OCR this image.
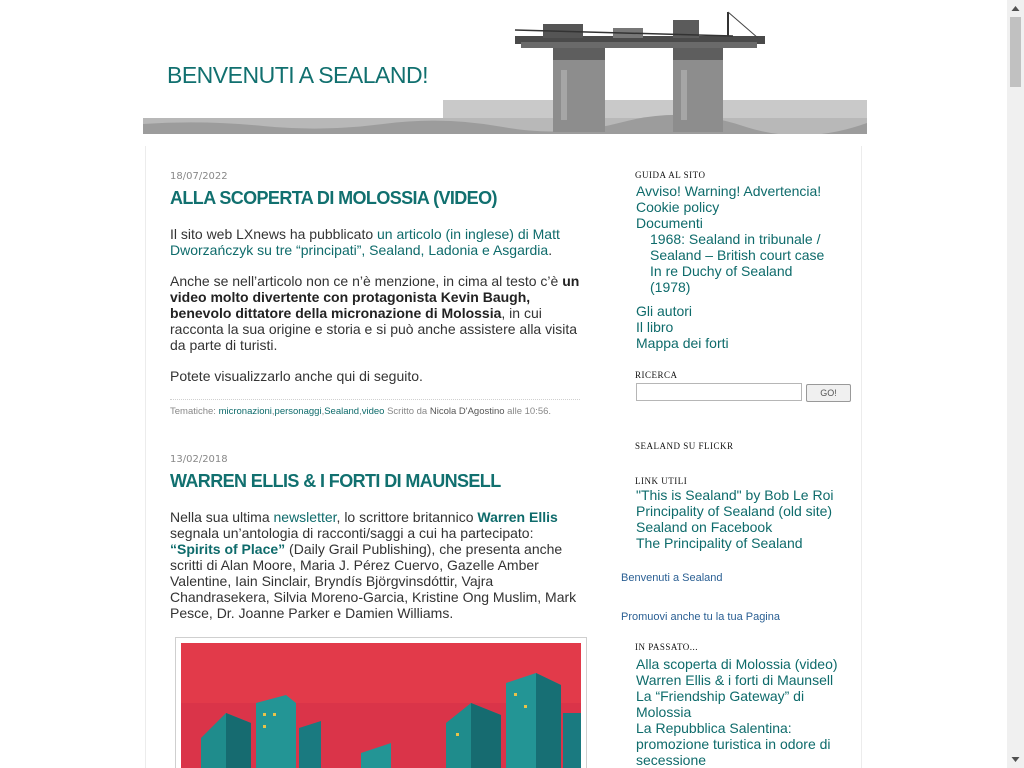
BENVENUTI A SEALAND!
18/07/2022
ALLA SCOPERTA DI MOLOSSIA (VIDEO)

Il sito web LXnews ha pubblicato un articolo (in inglese) di Matt Dworzańczyk su tre “principati”, Sealand, Ladonia e Asgardia.

Anche se nell’articolo non ce n’è menzione, in cima al testo c’è un video molto divertente con protagonista Kevin Baugh, benevolo dittatore della micronazione di Molossia, in cui racconta la sua origine e storia e si può anche assistere alla visita da parte di turisti.

Potete visualizzarlo anche qui di seguito.

Tematiche: micronazioni,personaggi,Sealand,video Scritto da Nicola D'Agostino alle 10:56.
13/02/2018
WARREN ELLIS & I FORTI DI MAUNSELL

Nella sua ultima newsletter, lo scrittore britannico Warren Ellis segnala un’antologia di racconti/saggi a cui ha partecipato: “Spirits of Place” (Daily Grail Publishing), che presenta anche scritti di Alan Moore, Maria J. Pérez Cuervo, Gazelle Amber Valentine, Iain Sinclair, Bryndís Björgvinsdóttir, Vajra Chandrasekera, Silvia Moreno-Garcia, Kristine Ong Muslim, Mark Pesce, Dr. Joanne Parker e Damien Williams.

GUIDA AL SITO
Avviso! Warning! Advertencia!
Cookie policy
Documenti
1968: Sealand in tribunale / Sealand – British court case
In re Duchy of Sealand (1978)
Gli autori
Il libro
Mappa dei forti
RICERCA
GO!
SEALAND SU FLICKR
LINK UTILI
"This is Sealand" by Bob Le Roi
Principality of Sealand (old site)
Sealand on Facebook
The Principality of Sealand
Benvenuti a Sealand
Promuovi anche tu la tua Pagina
IN PASSATO...
Alla scoperta di Molossia (video)
Warren Ellis & i forti di Maunsell
La “Friendship Gateway” di Molossia
La Repubblica Salentina: promozione turistica in odore di secessione
